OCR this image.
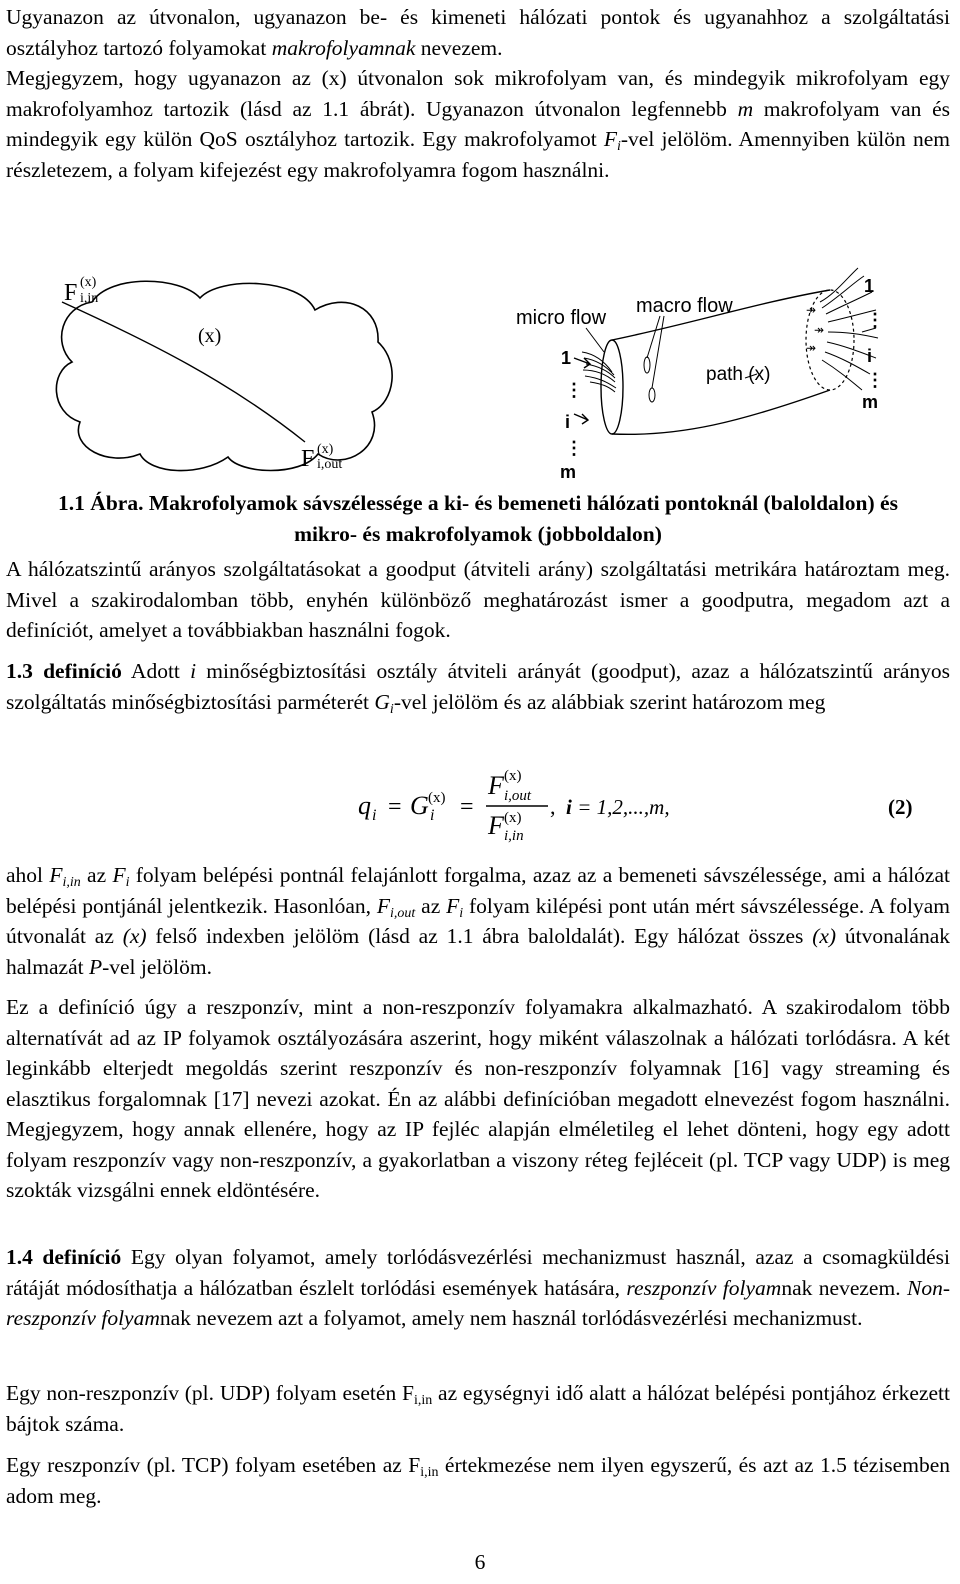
Ugyanazon az útvonalon, ugyanazon be- és kimeneti hálózati pontok és ugyanahhoz a szolgáltatási osztályhoz tartozó folyamokat makrofolyamnak nevezem.

Megjegyzem, hogy ugyanazon az (x) útvonalon sok mikrofolyam van, és mindegyik mikrofolyam egy makrofolyamhoz tartozik (lásd az 1.1 ábrát). Ugyanazon útvonalon legfennebb m makrofolyam van és mindegyik egy külön QoS osztályhoz tartozik. Egy makrofolyamot $F_i$-vel jelölöm. Amennyiben külön nem részletezem, a folyam kifejezést egy makrofolyamra fogom használni.

F (x)
i,in
(x)
F (x)
i,out
↠
↠
↠
micro flow
macro flow
path (x)
1
⋮
i
⋮
m
1
⋮
i
⋮
m

1.1 Ábra. Makrofolyamok sávszélessége a ki- és bemeneti hálózati pontoknál (baloldalon) és
mikro- és makrofolyamok (jobboldalon)

A hálózatszintű arányos szolgáltatásokat a goodput (átviteli arány) szolgáltatási metrikára határoztam meg. Mivel a szakirodalomban több, enyhén különböző meghatározást ismer a goodputra, megadom azt a definíciót, amelyet a továbbiakban használni fogok.

1.3 definíció Adott i minőségbiztosítási osztály átviteli arányát (goodput), azaz a hálózatszintű arányos szolgáltatás minőségbiztosítási parméterét $G_i$-vel jelölöm és az alábbiak szerint határozom meg

q i = G (x)
i =
F (x)
i,out
F (x)
i,in
, i = 1,2,...,m,	(2)

ahol $F_{i,in}$ az $F_i$ folyam belépési pontnál felajánlott forgalma, azaz az a bemeneti sávszélessége, ami a hálózat belépési pontjánál jelentkezik. Hasonlóan, $F_{i,out}$ az $F_i$ folyam kilépési pont után mért sávszélessége. A folyam útvonalát az (x) felső indexben jelölöm (lásd az 1.1 ábra baloldalát). Egy hálózat összes (x) útvonalának halmazát P-vel jelölöm.

Ez a definíció úgy a reszponzív, mint a non-reszponzív folyamakra alkalmazható. A szakirodalom több alternatívát ad az IP folyamok osztályozására aszerint, hogy miként válaszolnak a hálózati torlódásra. A két leginkább elterjedt megoldás szerint reszponzív és non-reszponzív folyamnak [16] vagy streaming és elasztikus forgalomnak [17] nevezi azokat. Én az alábbi definícióban megadott elnevezést fogom használni. Megjegyzem, hogy annak ellenére, hogy az IP fejléc alapján elméletileg el lehet dönteni, hogy egy adott folyam reszponzív vagy non-reszponzív, a gyakorlatban a viszony réteg fejléceit (pl. TCP vagy UDP) is meg szokták vizsgálni ennek eldöntésére.

1.4 definíció Egy olyan folyamot, amely torlódásvezérlési mechanizmust használ, azaz a csomagküldési rátáját módosíthatja a hálózatban észlelt torlódási események hatására, reszponzív folyamnak nevezem. Non-reszponzív folyamnak nevezem azt a folyamot, amely nem használ torlódásvezérlési mechanizmust.

Egy non-reszponzív (pl. UDP) folyam esetén $F_{i,in}$ az egységnyi idő alatt a hálózat belépési pontjához érkezett bájtok száma.

Egy reszponzív (pl. TCP) folyam esetében az $F_{i,in}$ értekmezése nem ilyen egyszerű, és azt az 1.5 tézisemben adom meg.

6
